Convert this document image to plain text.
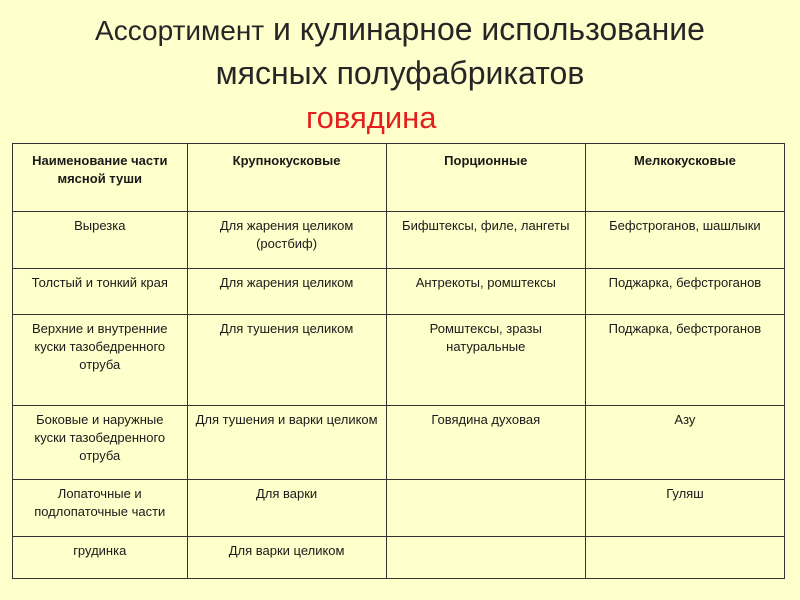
Ассортимент и кулинарное использование
мясных полуфабрикатов
говядина
Наименование части мясной туши	Крупнокусковые	Порционные	Мелкокусковые
Вырезка	Для жарения целиком (ростбиф)	Бифштексы, филе, лангеты	Бефстроганов, шашлыки
Толстый и тонкий края	Для жарения целиком	Антрекоты, ромштексы	Поджарка, бефстроганов
Верхние и внутренние куски тазобедренного отруба	Для тушения целиком	Ромштексы, зразы натуральные	Поджарка, бефстроганов
Боковые и наружные куски тазобедренного отруба	Для тушения и варки целиком	Говядина духовая	Азу
Лопаточные и подлопаточные части	Для варки		Гуляш
грудинка	Для варки целиком		
